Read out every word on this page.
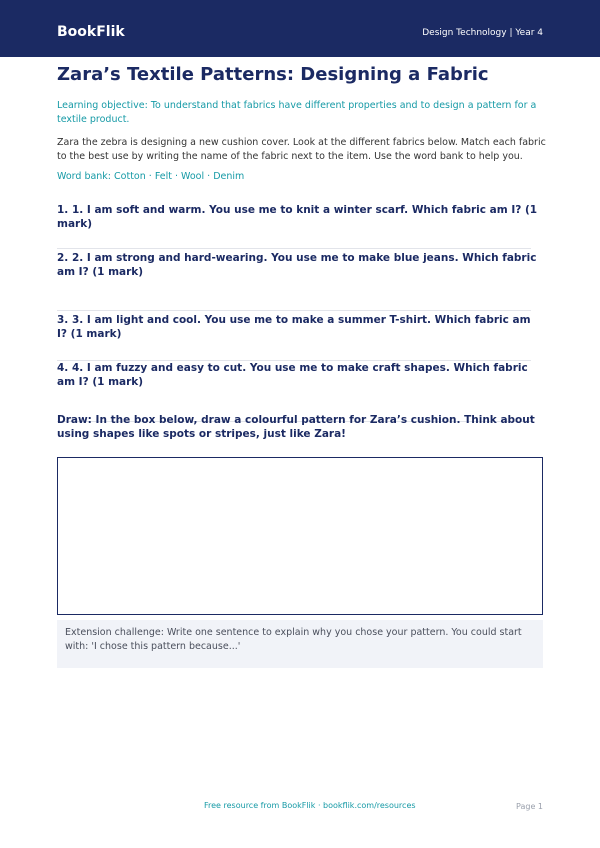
BookFlik	Design Technology | Year 4
Zara’s Textile Patterns: Designing a Fabric
Learning objective: To understand that fabrics have different properties and to design a pattern for a textile product.
Zara the zebra is designing a new cushion cover. Look at the different fabrics below. Match each fabric to the best use by writing the name of the fabric next to the item. Use the word bank to help you.
Word bank: Cotton · Felt · Wool · Denim
1. 1. I am soft and warm. You use me to knit a winter scarf. Which fabric am I? (1 mark)
2. 2. I am strong and hard-wearing. You use me to make blue jeans. Which fabric am I? (1 mark)
3. 3. I am light and cool. You use me to make a summer T-shirt. Which fabric am I? (1 mark)
4. 4. I am fuzzy and easy to cut. You use me to make craft shapes. Which fabric am I? (1 mark)
Draw: In the box below, draw a colourful pattern for Zara’s cushion. Think about using shapes like spots or stripes, just like Zara!
Extension challenge: Write one sentence to explain why you chose your pattern. You could start with: 'I chose this pattern because...'
Free resource from BookFlik · bookflik.com/resources	Page 1
